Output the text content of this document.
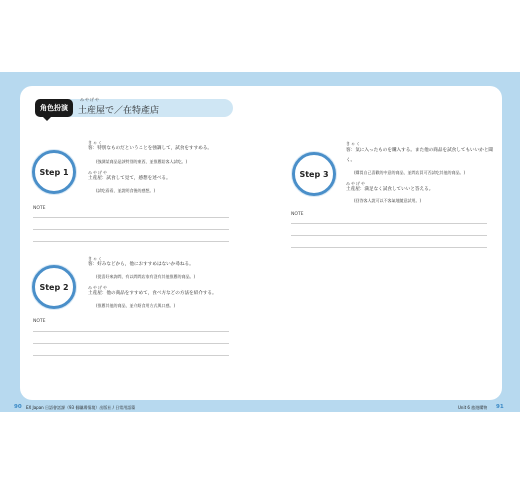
角色扮演
みやげや
土産屋で／在特產店
Step 1
きゃく
客：特別なものだということを強調して，試食をすすめる。
(強調某商品是該特別的東西，並推薦給客人試吃。)
みやげや
土産屋：試食して見て，感想を述べる。
(試吃看看，並說明食後的感想。)
NOTE
Step 2
きゃく
客：好みなどから，他におすすめはないか尋ねる。
(從喜好來詢問，有以問問店家有沒有其他推薦的商品。)
みやげや
土産屋：他の商品をすすめて，食べ方などの方法を紹介する。
(推薦其他的商品，並介紹食用方式與口感。)
NOTE
Step 3
きゃく
客：気に入ったものを購入する。また他の商品を試食してもいいかと聞く。
(購買自己喜歡的中意的商品，並問店員可否試吃其他的商品。)
みやげや
土産屋：満足なく試食していいと答える。
(回答客人說可以不客氣地隨意試用。)
NOTE
90 EX Japan 日語會話課（93 個職場情境）出版社 / 日常用語篇	Unit 6 旅遊購物 91
